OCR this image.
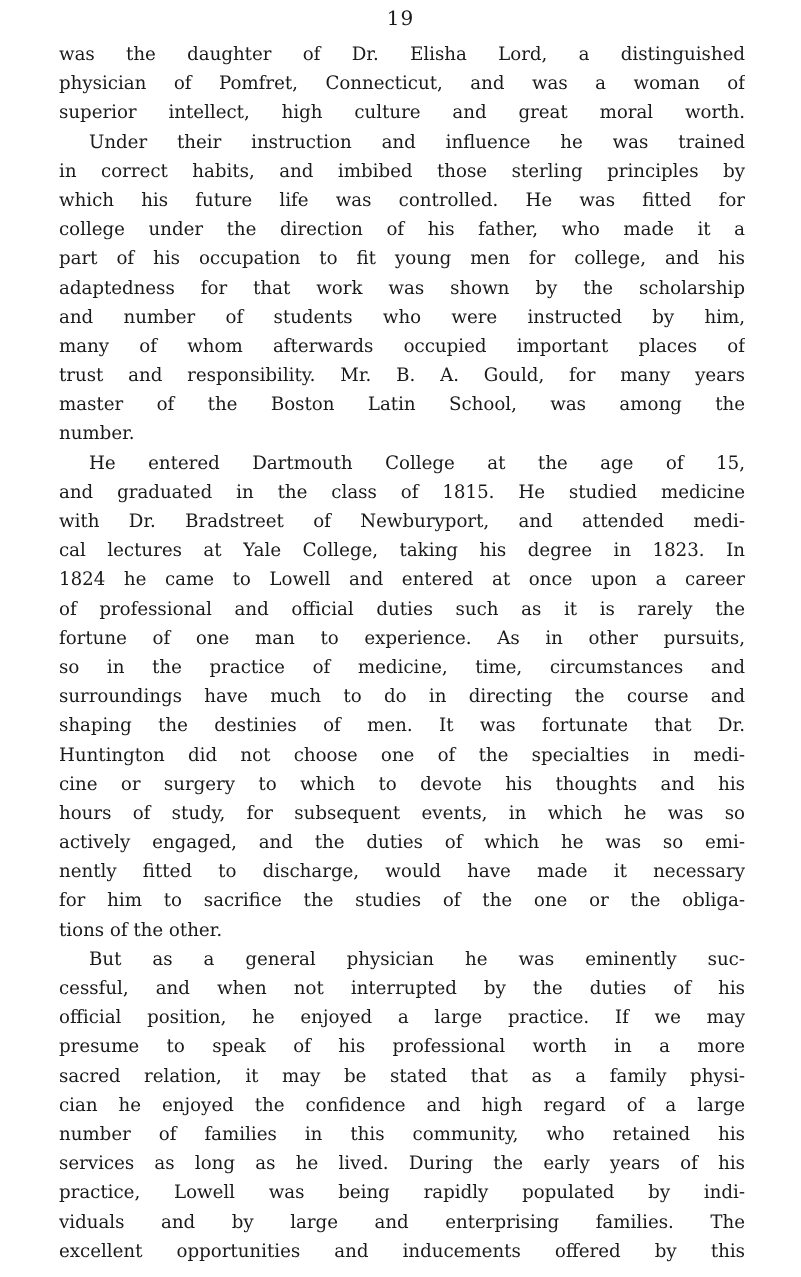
19
was the daughter of Dr. Elisha Lord, a distinguished
physician of Pomfret, Connecticut, and was a woman of
superior intellect, high culture and great moral worth.
Under their instruction and influence he was trained
in correct habits, and imbibed those sterling principles by
which his future life was controlled. He was fitted for
college under the direction of his father, who made it a
part of his occupation to fit young men for college, and his
adaptedness for that work was shown by the scholarship
and number of students who were instructed by him,
many of whom afterwards occupied important places of
trust and responsibility. Mr. B. A. Gould, for many years
master of the Boston Latin School, was among the
number.
He entered Dartmouth College at the age of 15,
and graduated in the class of 1815. He studied medicine
with Dr. Bradstreet of Newburyport, and attended medi-
cal lectures at Yale College, taking his degree in 1823. In
1824 he came to Lowell and entered at once upon a career
of professional and official duties such as it is rarely the
fortune of one man to experience. As in other pursuits,
so in the practice of medicine, time, circumstances and
surroundings have much to do in directing the course and
shaping the destinies of men. It was fortunate that Dr.
Huntington did not choose one of the specialties in medi-
cine or surgery to which to devote his thoughts and his
hours of study, for subsequent events, in which he was so
actively engaged, and the duties of which he was so emi-
nently fitted to discharge, would have made it necessary
for him to sacrifice the studies of the one or the obliga-
tions of the other.
But as a general physician he was eminently suc-
cessful, and when not interrupted by the duties of his
official position, he enjoyed a large practice. If we may
presume to speak of his professional worth in a more
sacred relation, it may be stated that as a family physi-
cian he enjoyed the confidence and high regard of a large
number of families in this community, who retained his
services as long as he lived. During the early years of his
practice, Lowell was being rapidly populated by indi-
viduals and by large and enterprising families. The
excellent opportunities and inducements offered by this
